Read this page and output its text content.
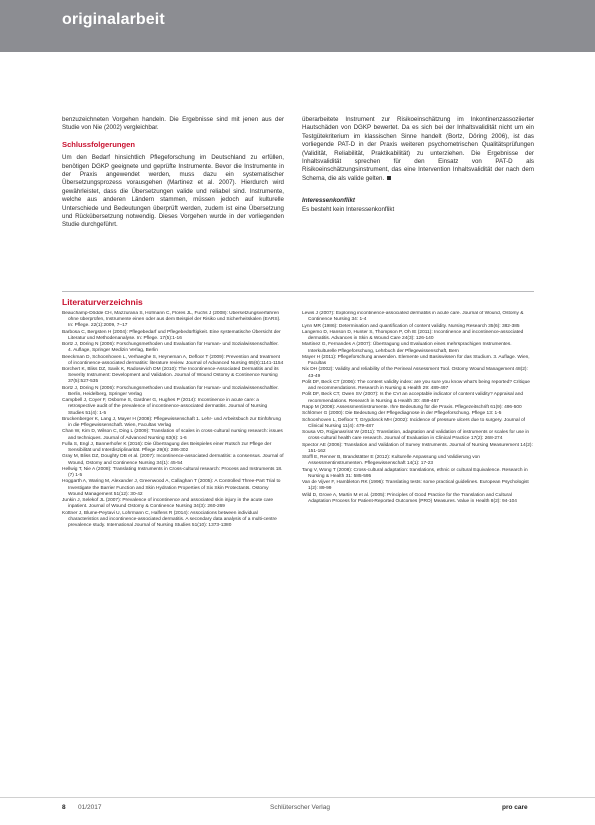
originalarbeit

benzuzeichneten Vorgehen handeln. Die Ergebnisse sind mit jenen aus der Studie von Nie (2002) vergleichbar.

Schlussfolgerungen

Um den Bedarf hinsichtlich Pflegeforschung im Deutschland zu erfüllen, benötigen DGKP geeignete und geprüfte Instrumente. Bevor die Instrumente in der Praxis angewendet werden, muss dazu ein systematischer Übersetzungsprozess vorausgehen (Martinez et al. 2007). Hierdurch wird gewährleistet, dass die Übersetzungen valide und reliabel sind. Instrumente, welche aus anderen Ländern stammen, müssen jedoch auf kulturelle Unterschiede und Bedeutungen überprüft werden, zudem ist eine Übersetzung und Rückübersetzung notwendig. Dieses Vorgehen wurde in der vorliegenden Studie durchgeführt.

überarbeitete Instrument zur Risikoeinschätzung im Inkontinenzassoziierter Hautschäden von DGKP bewertet. Da es sich bei der Inhaltsvalidität nicht um ein Testgütekriterium im klassischen Sinne handelt (Bortz, Döring 2006), ist das vorliegende PAT-D in der Praxis weiteren psychometrischen Qualitätsprüfungen (Validität, Reliabilität, Praktikabilität) zu unterziehen. Die Ergebnisse der Inhaltsvalidität sprechen für den Einsatz von PAT-D als Risikoeinschätzungsinstrument, das eine Intervention Inhaltsvalidität der nach dem Schema, die als valide gelten.

Interessenkonflikt

Es besteht kein Interessenkonflikt

Literaturverzeichnis

Beauchamp-Dödde CH, Mazzurana S, Hofmann C, Flores JL, Fuchs J (2008): Übersetzungsverfahren ohne überprüfen, Instrumente einen oder aus dem Beispiel der Risiko und Sicherheitskalen (EARS). In: Pflege. 22(1):2009, 7–17

Barbosa C, Bergsten H (2004): Pflegebedarf und Pflegebedürftigkeit. Eine systematische Übersicht der Literatur und Methodenanalyse. In: Pflege. 17(5):1-16

Bortz J, Döring N (2006): Forschungsmethoden und Evaluation für Human- und Sozialwissenschaftler. 4. Auflage, Springer Medizin Verlag, Berlin

Beeckman D, Schoonhoven L, Verhaeghe S, Heyneman A, Defloor T (2009): Prevention and treatment of incontinence-associated dermatitis: literature review. Journal of Advanced Nursing 65(6):1141-1154

Borchert K, Bliss DZ, Savik K, Radosevich DM (2010): The Incontinence-Associated Dermatitis and its Severity Instrument: Development and Validation. Journal of Wound Ostomy & Continence Nursing 37(5):527-535

Bortz J, Döring N (2006): Forschungsmethoden und Evaluation für Human- und Sozialwissenschaftler. Berlin, Heidelberg, Springer Verlag

Campbell J, Coyer F, Osborne S, Gardner G, Hughes P (2014): Incontinence in acute care: a retrospective audit of the prevalence of incontinence-associated dermatitis. Journal of Nursing Studies 51(4): 1-5

Bruckenberger K, Lang J, Mayer H (2008): Pflegewissenschaft 1. Lehr- und Arbeitsbuch zur Einführung in die Pflegewissenschaft. Wien, Facultas Verlag

Chan W, Kim D, Wilson C, Ding L (2009): Translation of scales in cross-cultural nursing research: issues and techniques. Journal of Advanced Nursing 63(6): 1-6

Fulla S, Engl J, Bannerhofer K (2016): Die Übertragung des Beispieles einer Rutsch zur Pflege der Sensibilität und Interdisziplinarität. Pflege 29(6): 286-302

Gray M, Bliss DZ, Doughty DB et al. (2007): Incontinence-associated dermatitis: a consensus. Journal of Wound, Ostomy and Continence Nursing 34(1): 45-54

Hellwig T, Nie A (2008): Translating Instruments in Cross-cultural research: Process and Instruments 18. (7) 1-5

Hoggarth A, Waring M, Alexander J, Greenwood A, Callaghan T (2005): A Controlled Three-Part Trial to Investigate the Barrier Function and Skin Hydration Properties of Six Skin Protectants. Ostomy Wound Management 51(12): 30-42

Junkin J, Selekof JL (2007): Prevalence of incontinence and associated skin injury in the acute care inpatient. Journal of Wound Ostomy & Continence Nursing 34(3): 260-269

Kottner J, Blume-Peytavi U, Lohrmann C, Halfens R (2014): Associations between individual characteristics and incontinence-associated dermatitis. A secondary data analysis of a multi-centre prevalence study. International Journal of Nursing Studies 51(10): 1373-1380

Lewis J (2007): Exploring incontinence-associated dermatitis in acute care. Journal of Wound, Ostomy & Continence Nursing 34: 1-4

Lynn MR (1986): Determination and quantification of content validity. Nursing Research 35(6): 382-385

Langemo D, Hanson D, Hunter S, Thompson P, Oh IE (2011): Incontinence and incontinence-associated dermatitis. Advances in Skin & Wound Care 24(3): 126-140

Martinez G, Fernandes A (2007): Übertragung und Evaluation eines mehrsprachigen Instrumentes. Interkulturelle Pflegeforschung, Lehrbuch der Pflegewissenschaft, Bern

Mayer H (2011): Pflegeforschung anwenden. Elemente und Basiswissen für das Studium. 3. Auflage. Wien, Facultas

Nix DH (2002): Validity and reliability of the Perineal Assessment Tool. Ostomy Wound Management 48(2): 43-49

Polit DF, Beck CT (2006): The content validity index: are you sure you know what's being reported? Critique and recommendations. Research in Nursing & Health 29: 489-497

Polit DF, Beck CT, Owen SV (2007): Is the CVI an acceptable indicator of content validity? Appraisal and recommendations. Research in Nursing & Health 30: 459-467

Rapp M (2008): Assessmentinstrumente. Ihre Bedeutung für die Praxis. Pflegezeitschrift 61(9): 496-500

Schlömer G (2000): Die Bedeutung der Pflegediagnose in der Pflegeforschung. Pflege 13: 1-5

Schoonhoven L, Defloor T, Grypdonck MH (2002): Incidence of pressure ulcers due to surgery. Journal of Clinical Nursing 11(4): 479-487

Sousa VD, Rojjanasrirat W (2011): Translation, adaptation and validation of instruments or scales for use in cross-cultural health care research. Journal of Evaluation in Clinical Practice 17(2): 268-274

Spector AE (2006): Translation and Validation of Survey Instruments. Journal of Nursing Measurement 14(2): 151-162

Stoffl E, Renner B, Brandstätter E (2012): Kulturelle Anpassung und Validierung von Assessmentinstrumenten. Pflegewissenschaft 14(1): 17-23

Tang V, Wong T (2008): Cross-cultural adaptation: translations, ethnic or cultural Equivalence. Research in Nursing & Health 31: 585-595

Van de Vijver F, Hambleton RK (1996): Translating tests: some practical guidelines. European Psychologist 1(2): 89-99

Wild D, Grove A, Martin M et al. (2005): Principles of Good Practice for the Translation and Cultural Adaptation Process for Patient-Reported Outcomes (PRO) Measures. Value in Health 8(2): 94-104

8 01/2017	Schlüterscher Verlag	pro care
